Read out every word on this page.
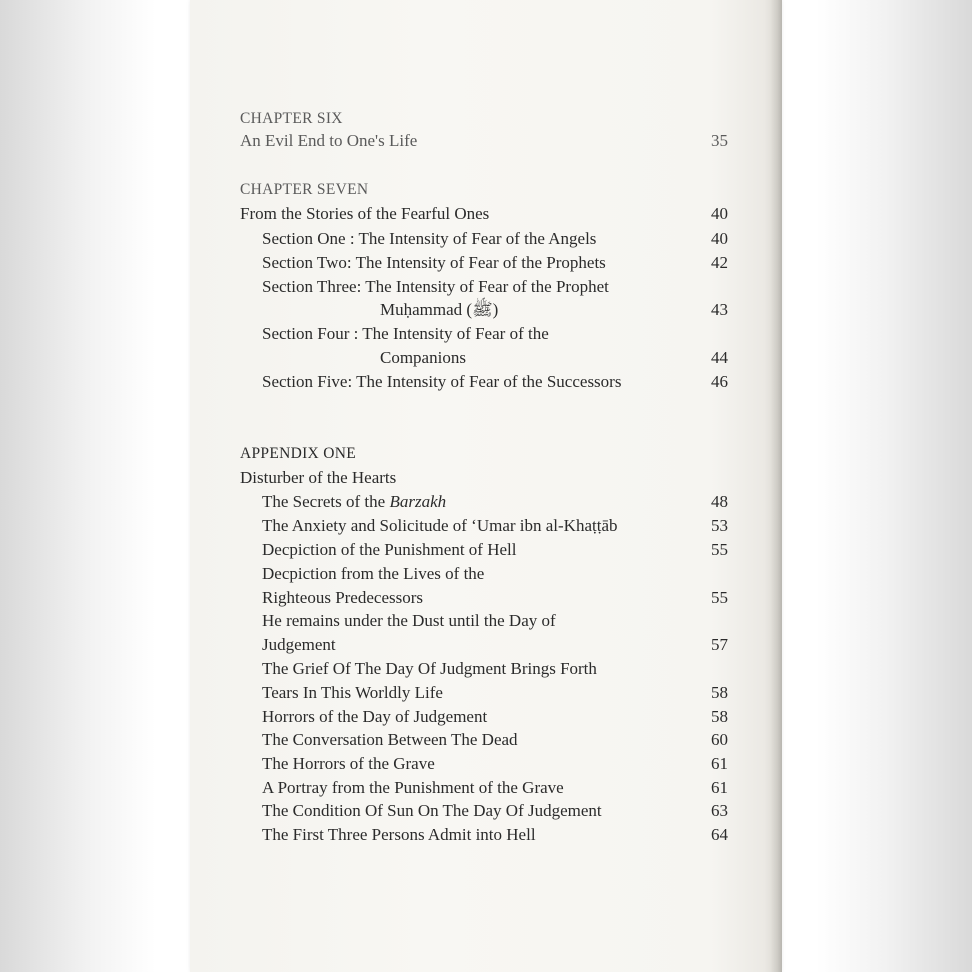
CHAPTER SIX
An Evil End to One's Life	35
CHAPTER SEVEN
From the Stories of the Fearful Ones	40
Section One : The Intensity of Fear of the Angels	40
Section Two: The Intensity of Fear of the Prophets	42
Section Three: The Intensity of Fear of the Prophet
Muḥammad (ﷺ)	43
Section Four : The Intensity of Fear of the
Companions	44
Section Five: The Intensity of Fear of the Successors	46
APPENDIX ONE
Disturber of the Hearts
The Secrets of the Barzakh	48
The Anxiety and Solicitude of ‘Umar ibn al-Khaṭṭāb	53
Decpiction of the Punishment of Hell	55
Decpiction from the Lives of the
Righteous Predecessors	55
He remains under the Dust until the Day of
Judgement	57
The Grief Of The Day Of Judgment Brings Forth
Tears In This Worldly Life	58
Horrors of the Day of Judgement	58
The Conversation Between The Dead	60
The Horrors of the Grave	61
A Portray from the Punishment of the Grave	61
The Condition Of Sun On The Day Of Judgement	63
The First Three Persons Admit into Hell	64
